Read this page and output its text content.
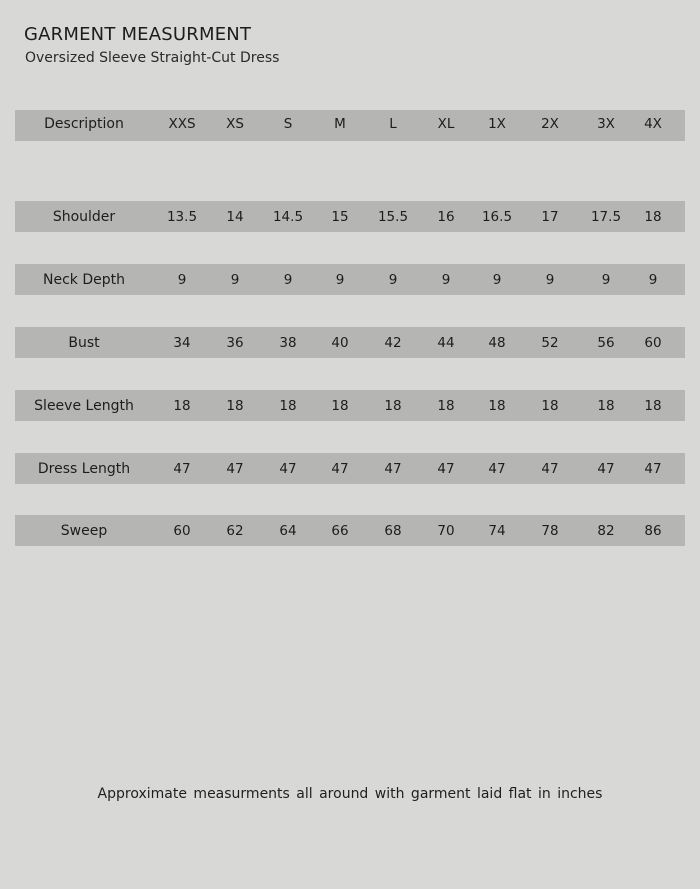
GARMENT MEASURMENT
Oversized Sleeve Straight-Cut Dress
Description	XXS	XS	S	M	L	XL	1X	2X	3X	4X
Shoulder	13.5	14	14.5	15	15.5	16	16.5	17	17.5	18
Neck Depth	9	9	9	9	9	9	9	9	9	9
Bust	34	36	38	40	42	44	48	52	56	60
Sleeve Length	18	18	18	18	18	18	18	18	18	18
Dress Length	47	47	47	47	47	47	47	47	47	47
Sweep	60	62	64	66	68	70	74	78	82	86
Approximate measurments all around with garment laid flat in inches
